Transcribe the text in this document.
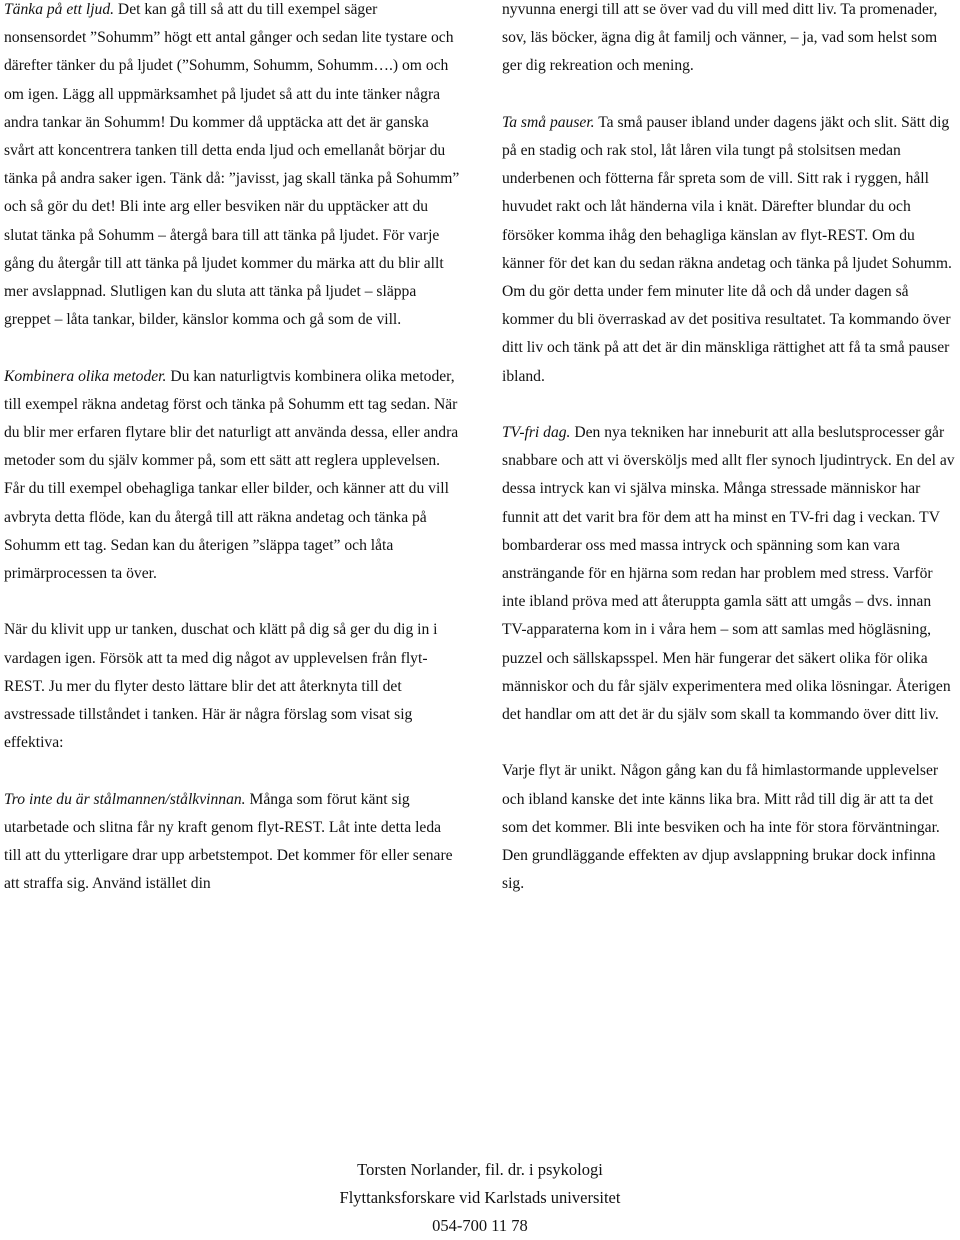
Tänka på ett ljud. Det kan gå till så att du till exempel säger nonsensordet ”Sohumm” högt ett antal gånger och sedan lite tystare och därefter tänker du på ljudet (”Sohumm, Sohumm, Sohumm….) om och om igen. Lägg all uppmärksamhet på ljudet så att du inte tänker några andra tankar än Sohumm! Du kommer då upptäcka att det är ganska svårt att koncentrera tanken till detta enda ljud och emellanåt börjar du tänka på andra saker igen. Tänk då: ”javisst, jag skall tänka på Sohumm” och så gör du det! Bli inte arg eller besviken när du upptäcker att du slutat tänka på Sohumm – återgå bara till att tänka på ljudet. För varje gång du återgår till att tänka på ljudet kommer du märka att du blir allt mer avslappnad. Slutligen kan du sluta att tänka på ljudet – släppa greppet – låta tankar, bilder, känslor komma och gå som de vill.

Kombinera olika metoder. Du kan naturligtvis kombinera olika metoder, till exempel räkna andetag först och tänka på Sohumm ett tag sedan. När du blir mer erfaren flytare blir det naturligt att använda dessa, eller andra metoder som du själv kommer på, som ett sätt att reglera upplevelsen. Får du till exempel obehagliga tankar eller bilder, och känner att du vill avbryta detta flöde, kan du återgå till att räkna andetag och tänka på Sohumm ett tag. Sedan kan du återigen ”släppa taget” och låta primärprocessen ta över.

När du klivit upp ur tanken, duschat och klätt på dig så ger du dig in i vardagen igen. Försök att ta med dig något av upplevelsen från flyt-REST. Ju mer du flyter desto lättare blir det att återknyta till det avstressade tillståndet i tanken. Här är några förslag som visat sig effektiva:

Tro inte du är stålmannen/stålkvinnan. Många som förut känt sig utarbetade och slitna får ny kraft genom flyt-REST. Låt inte detta leda till att du ytterligare drar upp arbetstempot. Det kommer för eller senare att straffa sig. Använd istället din

nyvunna energi till att se över vad du vill med ditt liv. Ta promenader, sov, läs böcker, ägna dig åt familj och vänner, – ja, vad som helst som ger dig rekreation och mening.

Ta små pauser. Ta små pauser ibland under dagens jäkt och slit. Sätt dig på en stadig och rak stol, låt låren vila tungt på stolsitsen medan underbenen och fötterna får spreta som de vill. Sitt rak i ryggen, håll huvudet rakt och låt händerna vila i knät. Därefter blundar du och försöker komma ihåg den behagliga känslan av flyt-REST. Om du känner för det kan du sedan räkna andetag och tänka på ljudet Sohumm. Om du gör detta under fem minuter lite då och då under dagen så kommer du bli överraskad av det positiva resultatet. Ta kommando över ditt liv och tänk på att det är din mänskliga rättighet att få ta små pauser ibland.

TV-fri dag. Den nya tekniken har inneburit att alla beslutsprocesser går snabbare och att vi översköljs med allt fler synoch ljudintryck. En del av dessa intryck kan vi själva minska. Många stressade människor har funnit att det varit bra för dem att ha minst en TV-fri dag i veckan. TV bombarderar oss med massa intryck och spänning som kan vara ansträngande för en hjärna som redan har problem med stress. Varför inte ibland pröva med att återuppta gamla sätt att umgås – dvs. innan TV-apparaterna kom in i våra hem – som att samlas med högläsning, puzzel och sällskapsspel. Men här fungerar det säkert olika för olika människor och du får själv experimentera med olika lösningar. Återigen det handlar om att det är du själv som skall ta kommando över ditt liv.

Varje flyt är unikt. Någon gång kan du få himlastormande upplevelser och ibland kanske det inte känns lika bra. Mitt råd till dig är att ta det som det kommer. Bli inte besviken och ha inte för stora förväntningar. Den grundläggande effekten av djup avslappning brukar dock infinna sig.

Torsten Norlander, fil. dr. i psykologi
Flyttanksforskare vid Karlstads universitet
054-700 11 78
